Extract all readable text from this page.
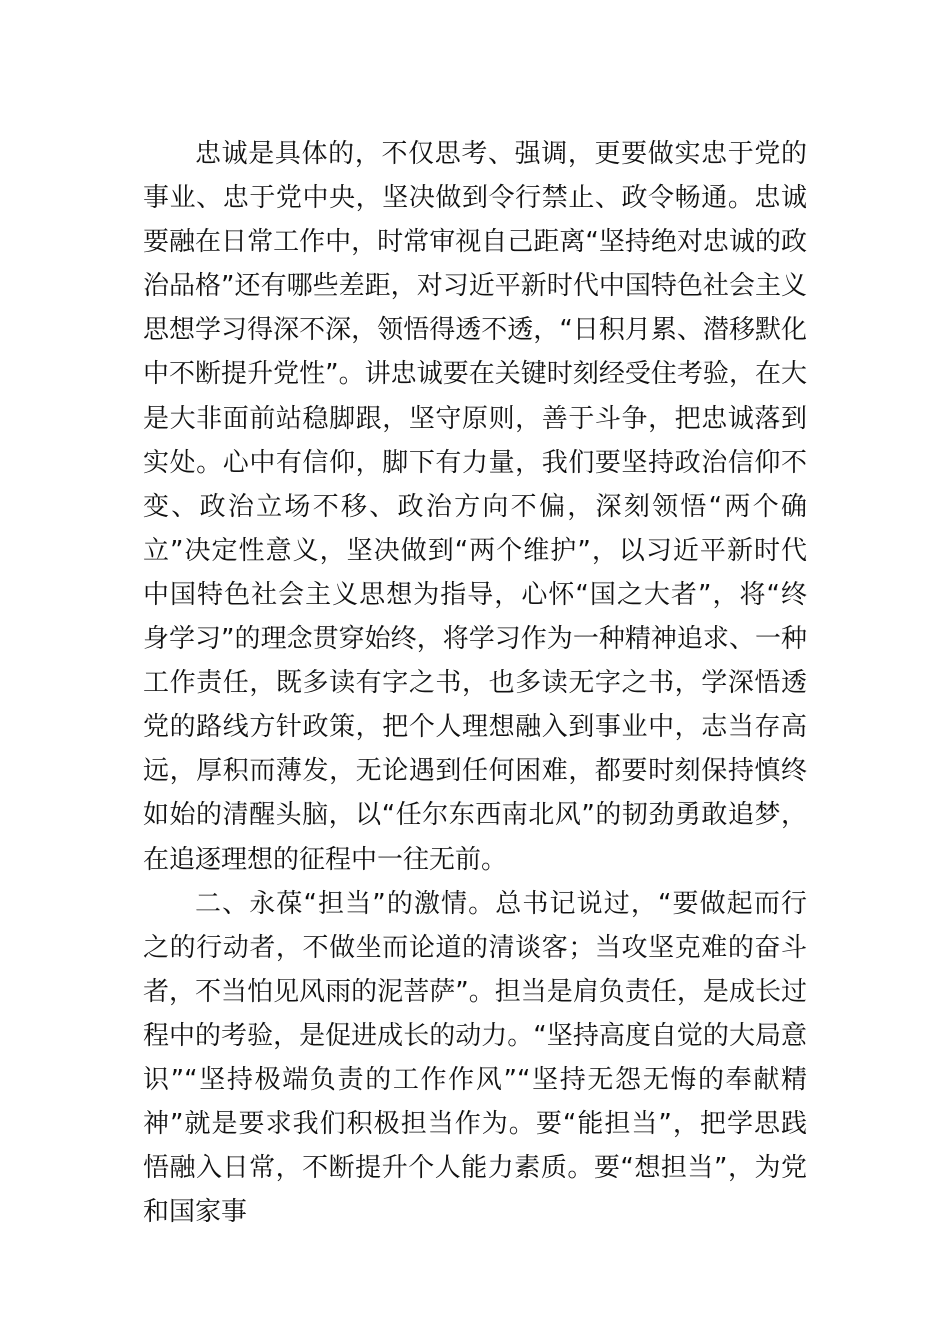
忠诚是具体的，不仅思考、强调，更要做实忠于党的事业、忠于党中央，坚决做到令行禁止、政令畅通。忠诚要融在日常工作中，时常审视自己距离“坚持绝对忠诚的政治品格”还有哪些差距，对习近平新时代中国特色社会主义思想学习得深不深，领悟得透不透，“日积月累、潜移默化中不断提升党性”。讲忠诚要在关键时刻经受住考验，在大是大非面前站稳脚跟，坚守原则，善于斗争，把忠诚落到实处。心中有信仰，脚下有力量，我们要坚持政治信仰不变、政治立场不移、政治方向不偏，深刻领悟“两个确立”决定性意义，坚决做到“两个维护”，以习近平新时代中国特色社会主义思想为指导，心怀“国之大者”，将“终身学习”的理念贯穿始终，将学习作为一种精神追求、一种工作责任，既多读有字之书，也多读无字之书，学深悟透党的路线方针政策，把个人理想融入到事业中，志当存高远，厚积而薄发，无论遇到任何困难，都要时刻保持慎终如始的清醒头脑，以“任尔东西南北风”的韧劲勇敢追梦，在追逐理想的征程中一往无前。

二、永葆“担当”的激情。总书记说过，“要做起而行之的行动者，不做坐而论道的清谈客；当攻坚克难的奋斗者，不当怕见风雨的泥菩萨”。担当是肩负责任，是成长过程中的考验，是促进成长的动力。“坚持高度自觉的大局意识”“坚持极端负责的工作作风”“坚持无怨无悔的奉献精神”就是要求我们积极担当作为。要“能担当”，把学思践悟融入日常，不断提升个人能力素质。要“想担当”，为党和国家事
